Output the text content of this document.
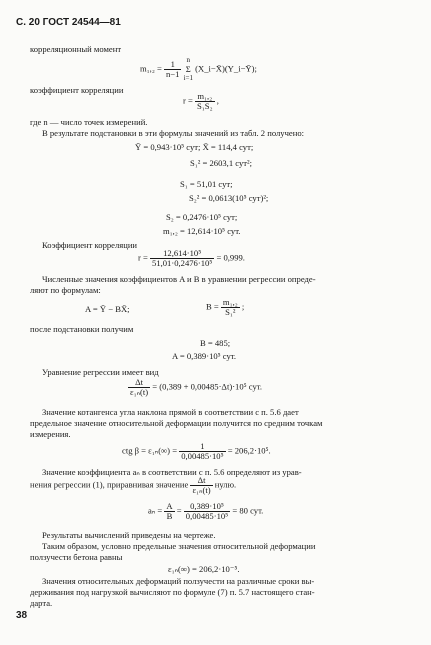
С. 20 ГОСТ 24544—81
корреляционный момент
$m_1,_2 = \frac{1}{n-1}$
n
Σ
i=1
(X_i−X̄)(Y_i−Ȳ);
коэффициент корреляции
$r = \frac{\text{m₁,₂}}{\text{S₁S₂}}$ ,
где n — число точек измерений.
В результате подстановки в эти формулы значений из табл. 2 получено:
Ȳ = 0,943·10⁵ сут; X̄ = 114,4 сут;
S₁² = 2603,1 сут²;
S₁ = 51,01 сут;
S₂² = 0,0613(10⁵ сут)²;
S₂ = 0,2476·10⁵ сут;
m₁,₂ = 12,614·10⁵ сут.
Коэффициент корреляции
$r = \frac{\text{12,614·10⁵}}{\text{51,01·0,2476·10⁵}} = 0,999$.
Численные значения коэффициентов A и B в уравнении регрессии опреде-
ляют по формулам:
A = Ȳ − BX̄;	$B = \frac{\text{m₁,₂}}{\text{S₁²}}$ ;
после подстановки получим
B = 485;
A = 0,389·10⁵ сут.
Уравнение регрессии имеет вид
$\frac{\Delta t}{\text{ε₁ₙ(t)}} = (0,389 + 0,00485\cdot\Delta t)\cdot 10^5$ сут.
Значение котангенса угла наклона прямой в соответствии с п. 5.6 дает
предельное значение относительной деформации получится по средним точкам
измерения.
ctg $\beta = \varepsilon_{1n}(\infty) = \frac{1}{\text{0,00485·10⁵}} = 206,2\cdot 10^5$.
Значение коэффициента aₙ в соответствии с п. 5.6 определяют из урав-
нения регрессии (1), приравнивая значение $\frac{\Delta t}{\text{ε₁ₙ(t)}}$ нулю.
$a_n = \frac{A}{B} = \frac{\text{0,389·10⁵}}{\text{0,00485·10⁵}} = 80$ сут.
Результаты вычислений приведены на чертеже.
Таким образом, условно предельные значения относительной деформации
ползучести бетона равны
ε₁ₙ(∞) = 206,2·10⁻⁵.
Значения относительных деформаций ползучести на различные сроки вы-
держивания под нагрузкой вычисляют по формуле (7) п. 5.7 настоящего стан-
дарта.
38
